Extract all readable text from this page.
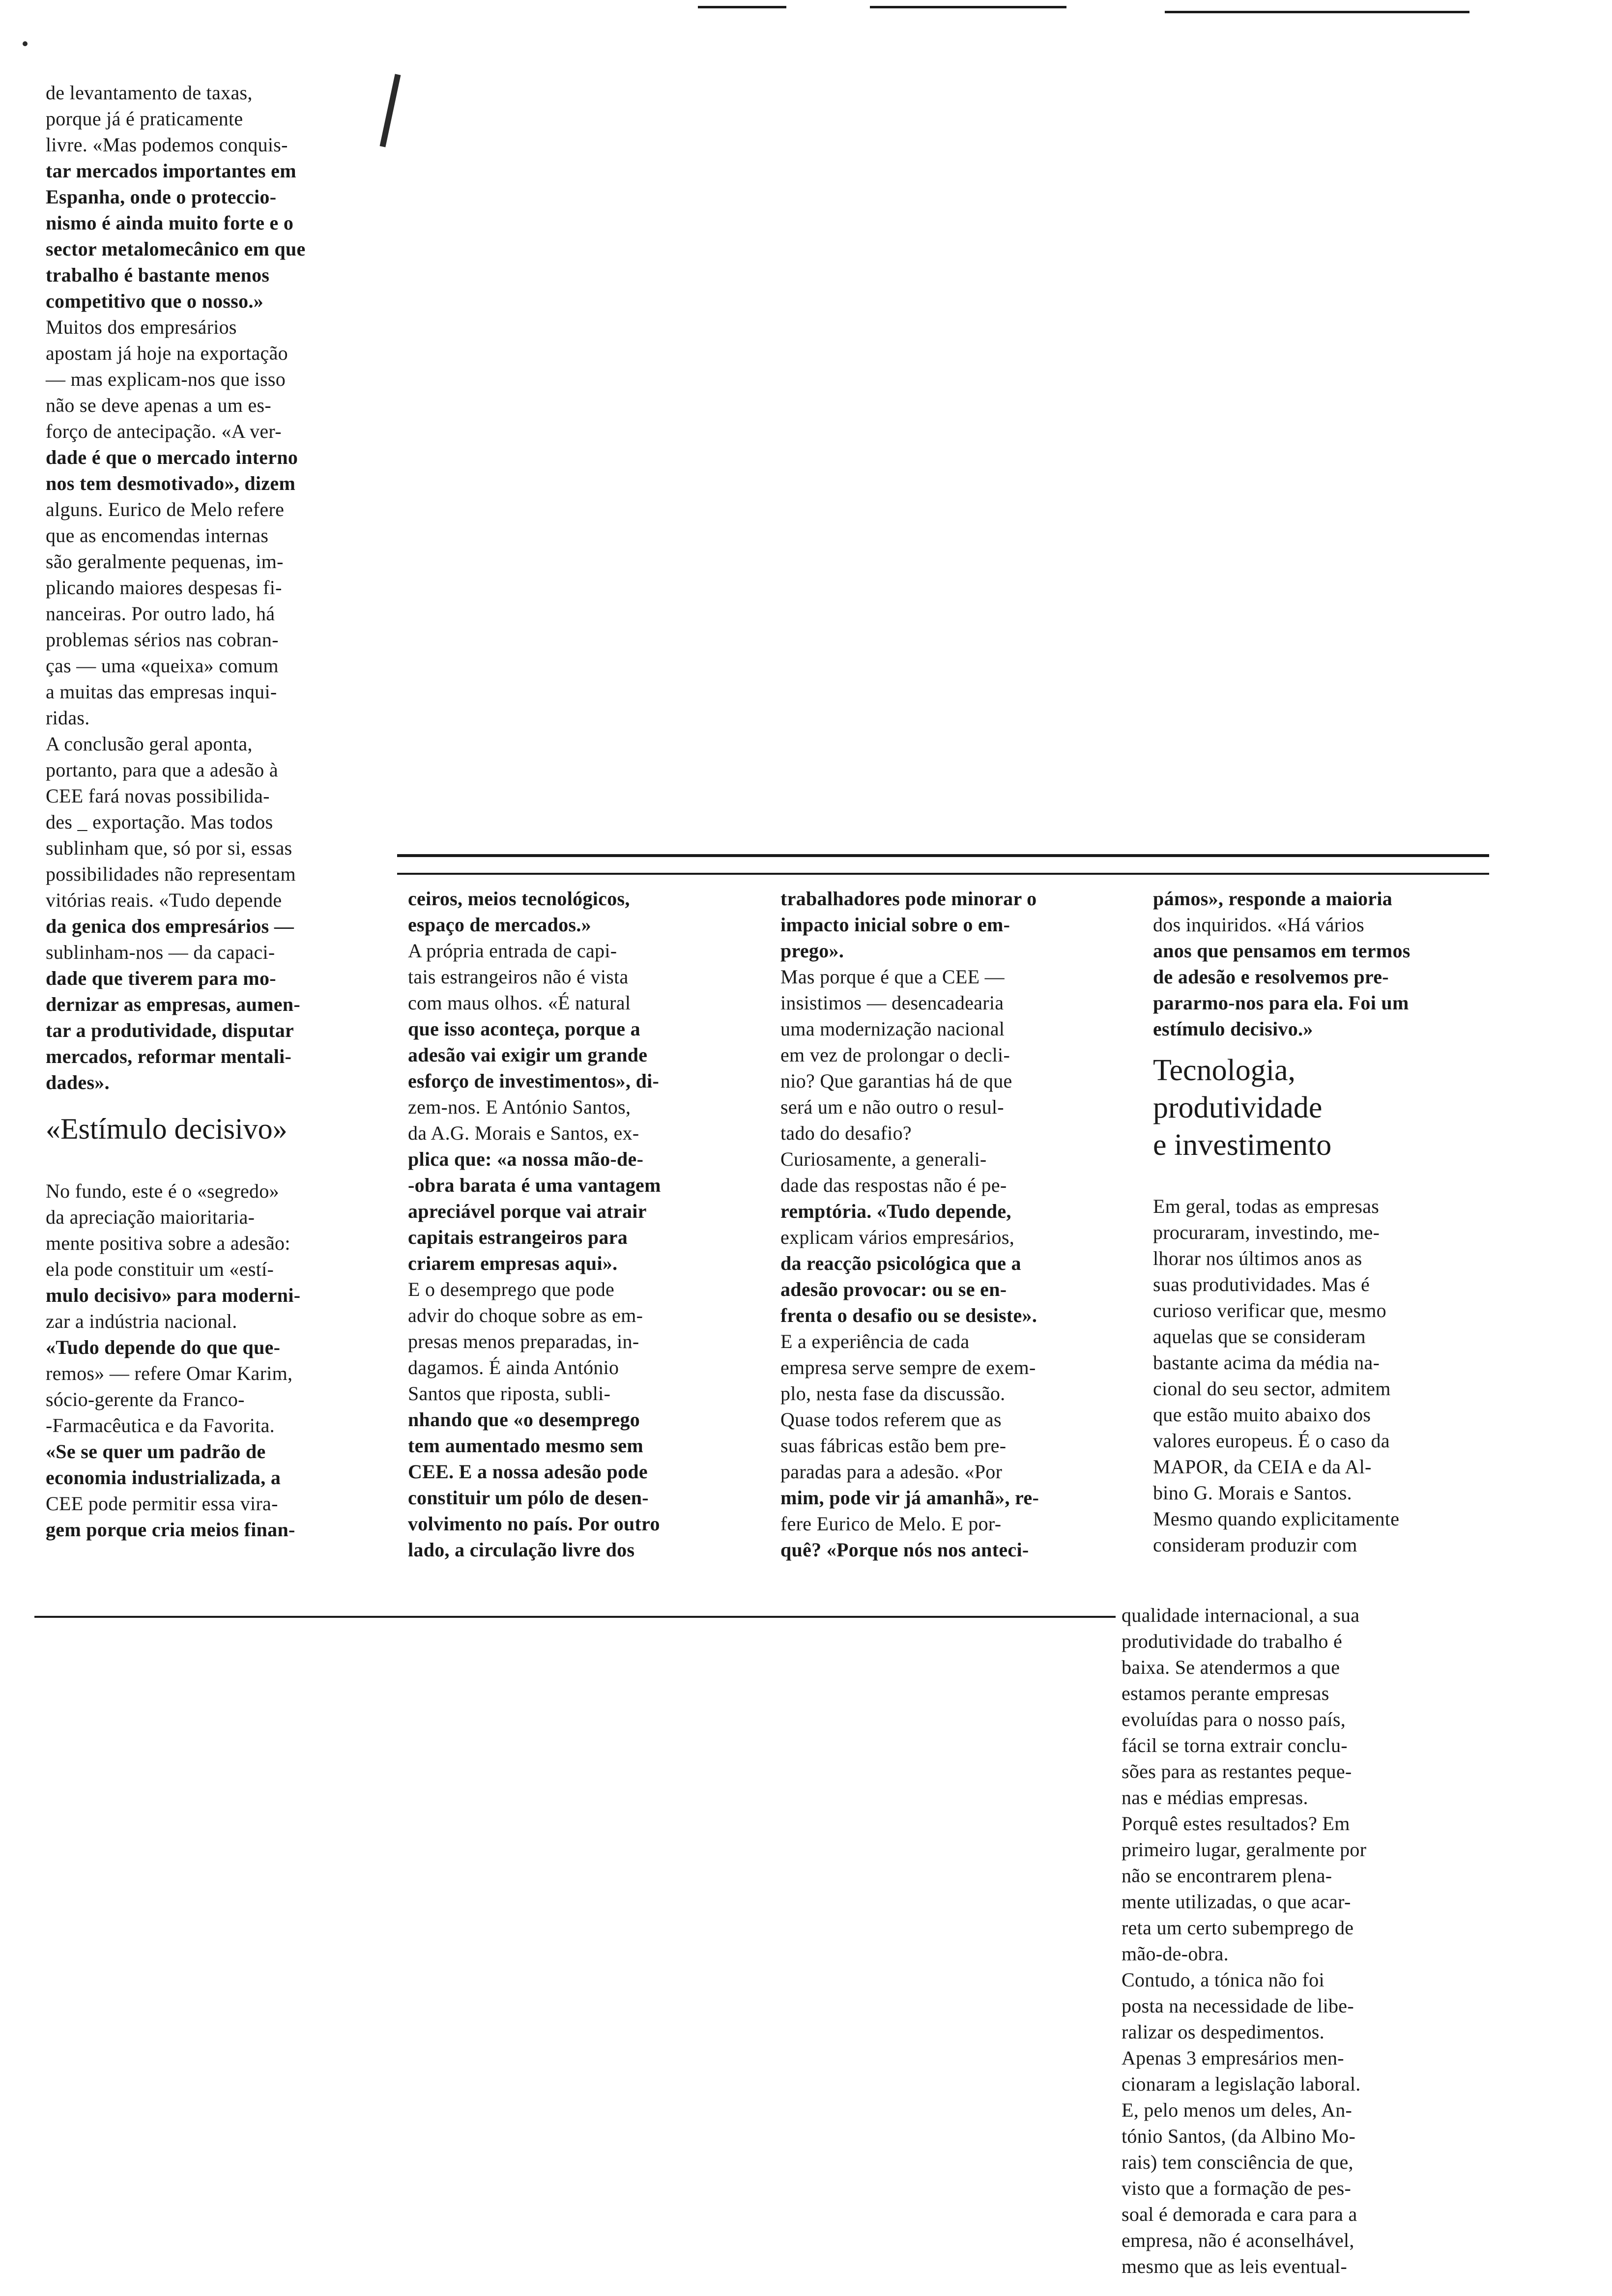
de levantamento de taxas,
porque já é praticamente
livre. «Mas podemos conquis-
tar mercados importantes em
Espanha, onde o proteccio-
nismo é ainda muito forte e o
sector metalomecânico em que
trabalho é bastante menos
competitivo que o nosso.»
Muitos dos empresários
apostam já hoje na exportação
— mas explicam-nos que isso
não se deve apenas a um es-
forço de antecipação. «A ver-
dade é que o mercado interno
nos tem desmotivado», dizem
alguns. Eurico de Melo refere
que as encomendas internas
são geralmente pequenas, im-
plicando maiores despesas fi-
nanceiras. Por outro lado, há
problemas sérios nas cobran-
ças — uma «queixa» comum
a muitas das empresas inqui-
ridas.
A conclusão geral aponta,
portanto, para que a adesão à
CEE fará novas possibilida-
des _ exportação. Mas todos
sublinham que, só por si, essas
possibilidades não representam
vitórias reais. «Tudo depende
da genica dos empresários —
sublinham-nos — da capaci-
dade que tiverem para mo-
dernizar as empresas, aumen-
tar a produtividade, disputar
mercados, reformar mentali-
dades».
«Estímulo decisivo»
No fundo, este é o «segredo»
da apreciação maioritaria-
mente positiva sobre a adesão:
ela pode constituir um «estí-
mulo decisivo» para moderni-
zar a indústria nacional.
«Tudo depende do que que-
remos» — refere Omar Karim,
sócio-gerente da Franco-
-Farmacêutica e da Favorita.
«Se se quer um padrão de
economia industrializada, a
CEE pode permitir essa vira-
gem porque cria meios finan-
ceiros, meios tecnológicos,
espaço de mercados.»
A própria entrada de capi-
tais estrangeiros não é vista
com maus olhos. «É natural
que isso aconteça, porque a
adesão vai exigir um grande
esforço de investimentos», di-
zem-nos. E António Santos,
da A.G. Morais e Santos, ex-
plica que: «a nossa mão-de-
-obra barata é uma vantagem
apreciável porque vai atrair
capitais estrangeiros para
criarem empresas aqui».
E o desemprego que pode
advir do choque sobre as em-
presas menos preparadas, in-
dagamos. É ainda António
Santos que riposta, subli-
nhando que «o desemprego
tem aumentado mesmo sem
CEE. E a nossa adesão pode
constituir um pólo de desen-
volvimento no país. Por outro
lado, a circulação livre dos
trabalhadores pode minorar o
impacto inicial sobre o em-
prego».
Mas porque é que a CEE —
insistimos — desencadearia
uma modernização nacional
em vez de prolongar o decli-
nio? Que garantias há de que
será um e não outro o resul-
tado do desafio?
Curiosamente, a generali-
dade das respostas não é pe-
remptória. «Tudo depende,
explicam vários empresários,
da reacção psicológica que a
adesão provocar: ou se en-
frenta o desafio ou se desiste».
E a experiência de cada
empresa serve sempre de exem-
plo, nesta fase da discussão.
Quase todos referem que as
suas fábricas estão bem pre-
paradas para a adesão. «Por
mim, pode vir já amanhã», re-
fere Eurico de Melo. E por-
quê? «Porque nós nos anteci-
pámos», responde a maioria
dos inquiridos. «Há vários
anos que pensamos em termos
de adesão e resolvemos pre-
pararmo-nos para ela. Foi um
estímulo decisivo.»
Tecnologia,
produtividade
e investimento
Em geral, todas as empresas
procuraram, investindo, me-
lhorar nos últimos anos as
suas produtividades. Mas é
curioso verificar que, mesmo
aquelas que se consideram
bastante acima da média na-
cional do seu sector, admitem
que estão muito abaixo dos
valores europeus. É o caso da
MAPOR, da CEIA e da Al-
bino G. Morais e Santos.
Mesmo quando explicitamente
consideram produzir com
qualidade internacional, a sua
produtividade do trabalho é
baixa. Se atendermos a que
estamos perante empresas
evoluídas para o nosso país,
fácil se torna extrair conclu-
sões para as restantes peque-
nas e médias empresas.
Porquê estes resultados? Em
primeiro lugar, geralmente por
não se encontrarem plena-
mente utilizadas, o que acar-
reta um certo subemprego de
mão-de-obra.
Contudo, a tónica não foi
posta na necessidade de libe-
ralizar os despedimentos.
Apenas 3 empresários men-
cionaram a legislação laboral.
E, pelo menos um deles, An-
tónio Santos, (da Albino Mo-
rais) tem consciência de que,
visto que a formação de pes-
soal é demorada e cara para a
empresa, não é aconselhável,
mesmo que as leis eventual-
